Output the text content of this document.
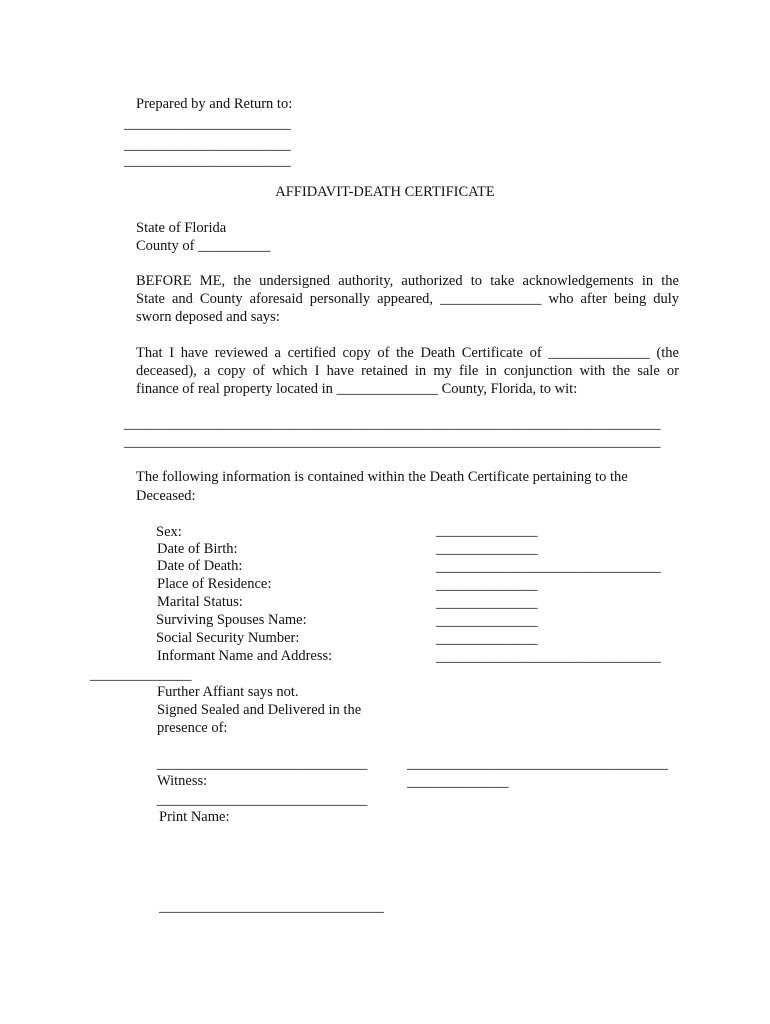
Prepared by and Return to:
_______________________
_______________________
_______________________
AFFIDAVIT-DEATH CERTIFICATE
State of Florida
County of __________
BEFORE ME, the undersigned authority, authorized to take acknowledgements in the
State and County aforesaid personally appeared, ______________ who after being duly
sworn deposed and says:
That I have reviewed a certified copy of the Death Certificate of ______________ (the
deceased), a copy of which I have retained in my file in conjunction with the sale or
finance of real property located in ______________ County, Florida, to wit:
_________________________________________________________________________
_________________________________________________________________________
The following information is contained within the Death Certificate pertaining to the
Deceased:
Sex:
Date of Birth:
Date of Death:
Place of Residence:
Marital Status:
Surviving Spouses Name:
Social Security Number:
Informant Name and Address:
______________
______________
_______________________________
______________
______________
______________
______________
_______________________________
______________
Further Affiant says not.
Signed Sealed and Delivered in the
presence of:
_____________________________	____________________________________
Witness:	______________
_____________________________
Print Name:
_______________________________
